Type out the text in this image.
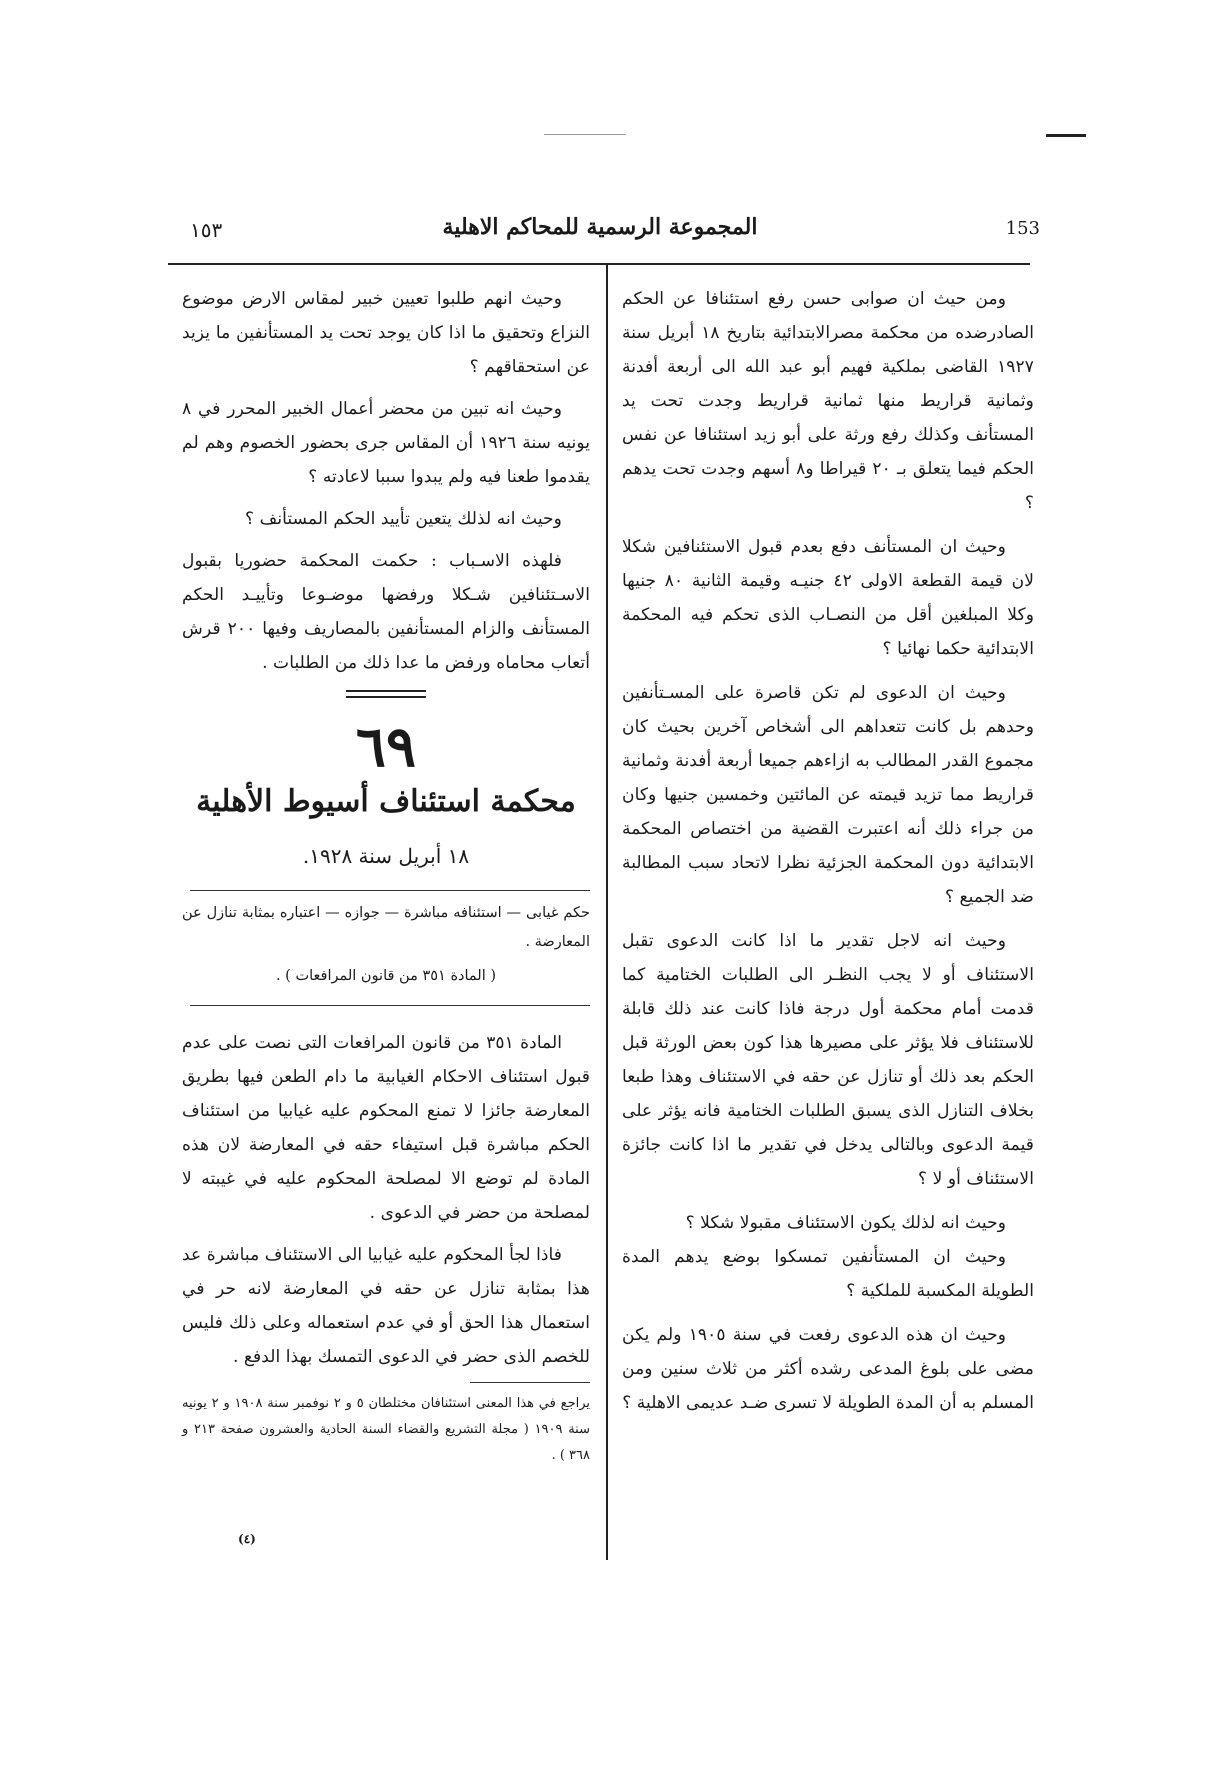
153
المجموعة الرسمية للمحاكم الاهلية
١٥٣

ومن حيث ان صوابى حسن رفع استئنافا عن الحكم الصادرضده من محكمة مصرالابتدائية بتاريخ ١٨ أبريل سنة ١٩٢٧ القاضى بملكية فهيم أبو عبد الله الى أربعة أفدنة وثمانية قراريط منها ثمانية قراريط وجدت تحت يد المستأنف وكذلك رفع ورثة على أبو زيد استئنافا عن نفس الحكم فيما يتعلق بـ ٢٠ قيراطا و٨ أسهم وجدت تحت يدهم ؟

وحيث ان المستأنف دفع بعدم قبول الاستئنافين شكلا لان قيمة القطعة الاولى ٤٢ جنيـه وقيمة الثانية ٨٠ جنيها وكلا المبلغين أقل من النصـاب الذى تحكم فيه المحكمة الابتدائية حكما نهائيا ؟

وحيث ان الدعوى لم تكن قاصرة على المسـتأنفين وحدهم بل كانت تتعداهم الى أشخاص آخرين بحيث كان مجموع القدر المطالب به ازاءهم جميعا أربعة أفدنة وثمانية قراريط مما تزيد قيمته عن المائتين وخمسين جنيها وكان من جراء ذلك أنه اعتبرت القضية من اختصاص المحكمة الابتدائية دون المحكمة الجزئية نظرا لاتحاد سبب المطالبة ضد الجميع ؟

وحيث انه لاجل تقدير ما اذا كانت الدعوى تقبل الاستئناف أو لا يجب النظـر الى الطلبات الختامية كما قدمت أمام محكمة أول درجة فاذا كانت عند ذلك قابلة للاستئناف فلا يؤثر على مصيرها هذا كون بعض الورثة قبل الحكم بعد ذلك أو تنازل عن حقه في الاستئناف وهذا طبعا بخلاف التنازل الذى يسبق الطلبات الختامية فانه يؤثر على قيمة الدعوى وبالتالى يدخل في تقدير ما اذا كانت جائزة الاستئناف أو لا ؟

وحيث انه لذلك يكون الاستئناف مقبولا شكلا ؟

وحيث ان المستأنفين تمسكوا بوضع يدهم المدة الطويلة المكسبة للملكية ؟

وحيث ان هذه الدعوى رفعت في سنة ١٩٠٥ ولم يكن مضى على بلوغ المدعى رشده أكثر من ثلاث سنين ومن المسلم به أن المدة الطويلة لا تسرى ضـد عديمى الاهلية ؟

وحيث انهم طلبوا تعيين خبير لمقاس الارض موضوع النزاع وتحقيق ما اذا كان يوجد تحت يد المستأنفين ما يزيد عن استحقاقهم ؟

وحيث انه تبين من محضر أعمال الخبير المحرر في ٨ يونيه سنة ١٩٢٦ أن المقاس جرى بحضور الخصوم وهم لم يقدموا طعنا فيه ولم يبدوا سببا لاعادته ؟

وحيث انه لذلك يتعين تأييد الحكم المستأنف ؟

فلهذه الاسـباب : حكمت المحكمة حضوريا بقبول الاسـتئنافين شـكلا ورفضها موضـوعا وتأييـد الحكم المستأنف والزام المستأنفين بالمصاريف وفيها ٢٠٠ قرش أتعاب محاماه ورفض ما عدا ذلك من الطلبات .

٦٩
محكمة استئناف أسيوط الأهلية
١٨ أبريل سنة ١٩٢٨.

حكم غيابى — استئنافه مباشرة — جوازه — اعتباره بمثابة تنازل عن المعارضة .

( المادة ٣٥١ من قانون المرافعات ) .

المادة ٣٥١ من قانون المرافعات التى نصت على عدم قبول استئناف الاحكام الغيابية ما دام الطعن فيها بطريق المعارضة جائزا لا تمنع المحكوم عليه غيابيا من استئناف الحكم مباشرة قبل استيفاء حقه في المعارضة لان هذه المادة لم توضع الا لمصلحة المحكوم عليه في غيبته لا لمصلحة من حضر في الدعوى .

فاذا لجأ المحكوم عليه غيابيا الى الاستئناف مباشرة عد هذا بمثابة تنازل عن حقه في المعارضة لانه حر في استعمال هذا الحق أو في عدم استعماله وعلى ذلك فليس للخصم الذى حضر في الدعوى التمسك بهذا الدفع .

يراجع في هذا المعنى استئنافان مختلطان ٥ و ٢ نوفمبر سنة ١٩٠٨ و ٢ يونيه سنة ١٩٠٩ ( مجلة التشريع والقضاء السنة الحادية والعشرون صفحة ٢١٣ و ٣٦٨ ) .

(٤)
